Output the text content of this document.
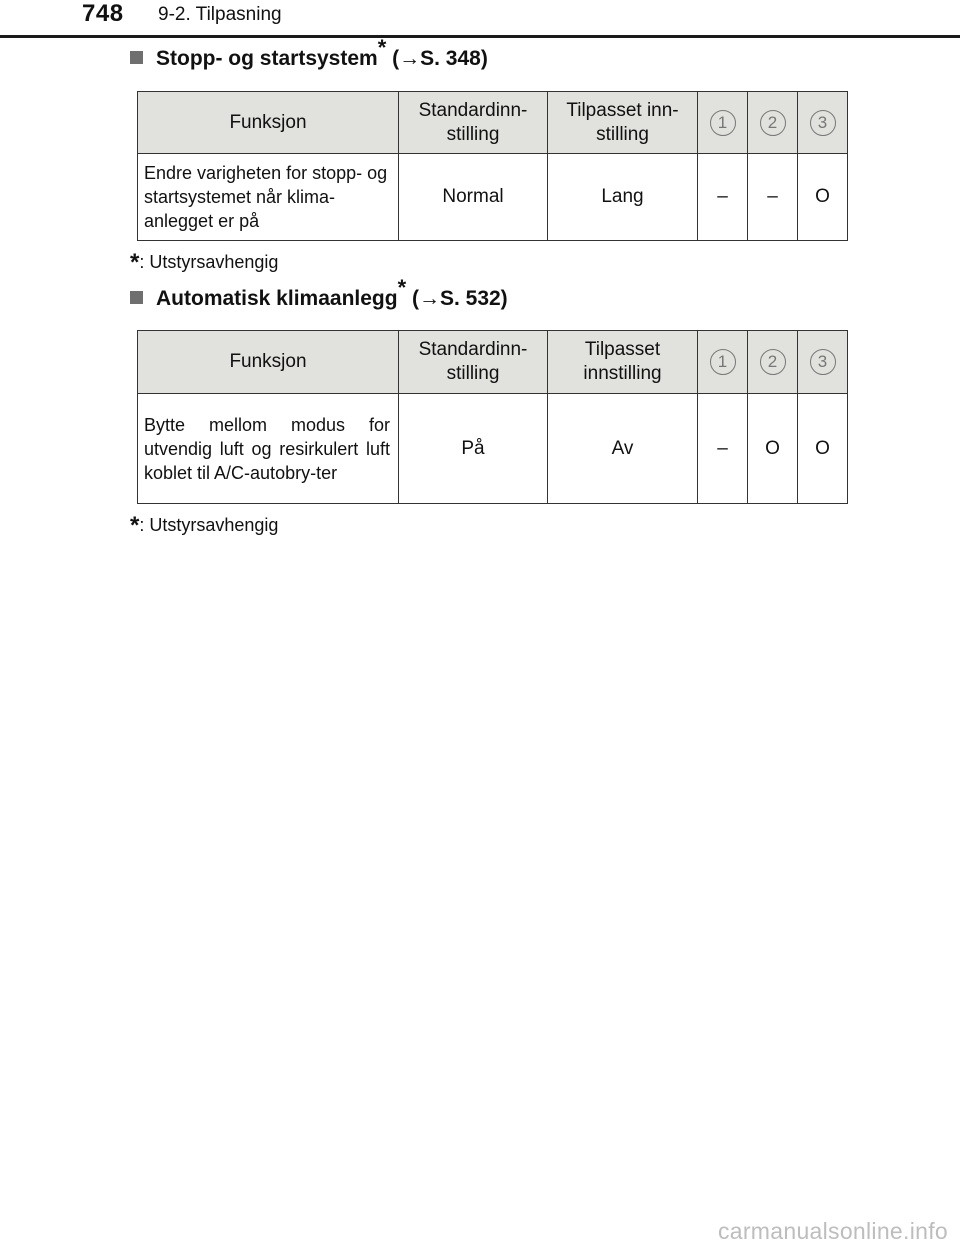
748 9-2. Tilpasning
Stopp- og startsystem* (→S. 348)
Funksjon	Standardinn-stilling	Tilpasset inn-stilling	1	2	3
Endre varigheten for stopp- og startsystemet når klima-anlegget er på	Normal	Lang	–	–	O
*: Utstyrsavhengig
Automatisk klimaanlegg* (→S. 532)
Funksjon	Standardinn-stilling	Tilpasset innstilling	1	2	3
Bytte mellom modus for utvendig luft og resirkulert luft koblet til A/C-autobry-ter	På	Av	–	O	O
*: Utstyrsavhengig
carmanualsonline.info
